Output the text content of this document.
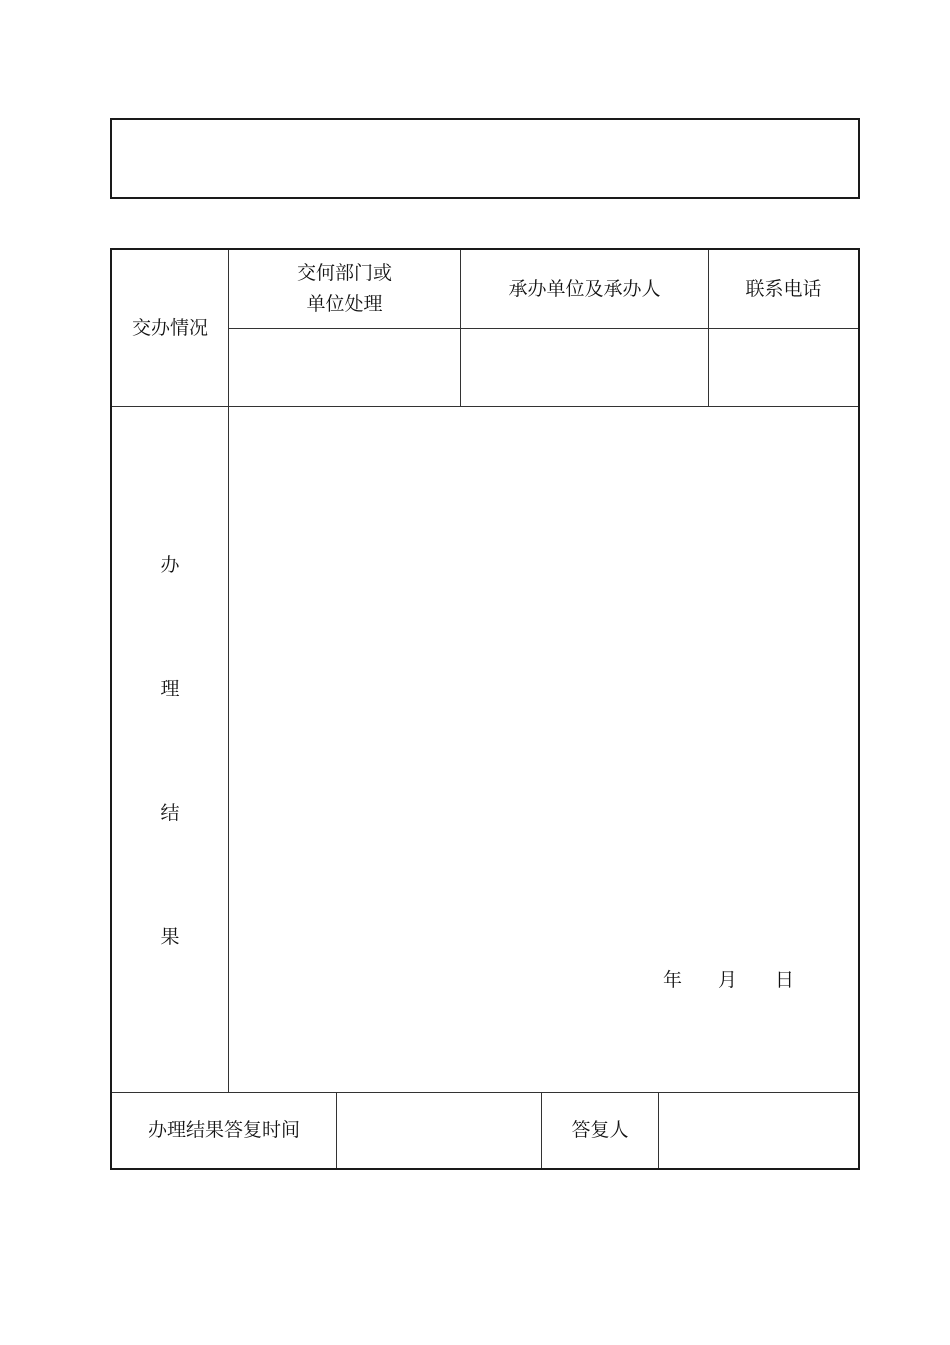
交办情况
交何部门或
单位处理
承办单位及承办人	联系电话
办
理
结
果
年 月 日
办理结果答复时间	答复人
